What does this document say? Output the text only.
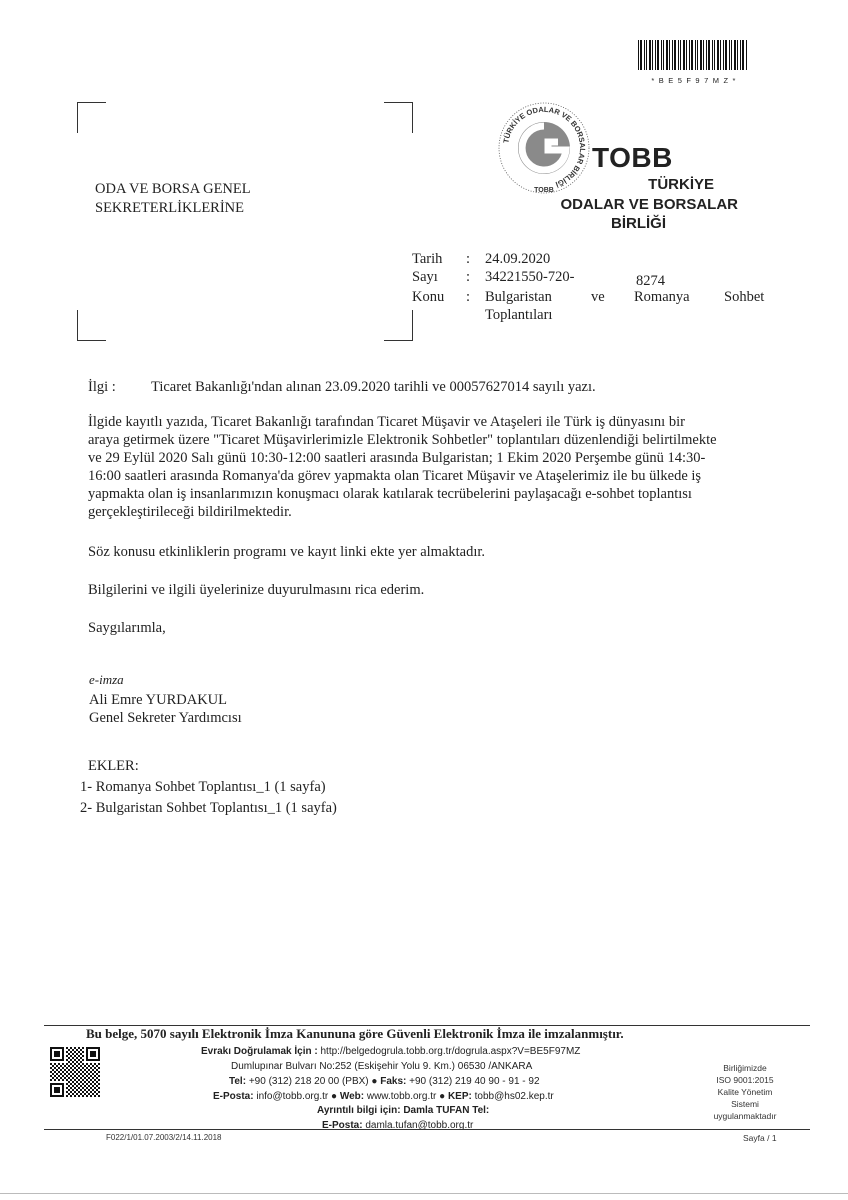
* B E 5 F 9 7 M Z *
TÜRKİYE ODALAR VE BORSALAR BİRLİĞİ
TOBB
TOBB
TÜRKİYE
ODALAR VE BORSALAR
BİRLİĞİ
ODA VE BORSA GENEL
SEKRETERLİKLERİNE
Tarih : 24.09.2020
Sayı : 34221550-720-	8274
Konu : Bulgaristan	ve Romanya Sohbet
Toplantıları
İlgi : Ticaret Bakanlığı'ndan alınan 23.09.2020 tarihli ve 00057627014 sayılı yazı.
İlgide kayıtlı yazıda, Ticaret Bakanlığı tarafından Ticaret Müşavir ve Ataşeleri ile Türk iş dünyasını bir
araya getirmek üzere "Ticaret Müşavirlerimizle Elektronik Sohbetler" toplantıları düzenlendiği belirtilmekte
ve 29 Eylül 2020 Salı günü 10:30-12:00 saatleri arasında Bulgaristan; 1 Ekim 2020 Perşembe günü 14:30-
16:00 saatleri arasında Romanya'da görev yapmakta olan Ticaret Müşavir ve Ataşelerimiz ile bu ülkede iş
yapmakta olan iş insanlarımızın konuşmacı olarak katılarak tecrübelerini paylaşacağı e-sohbet toplantısı
gerçekleştirileceği bildirilmektedir.
Söz konusu etkinliklerin programı ve kayıt linki ekte yer almaktadır.
Bilgilerini ve ilgili üyelerinize duyurulmasını rica ederim.
Saygılarımla,
e-imza
Ali Emre YURDAKUL
Genel Sekreter Yardımcısı
EKLER:
1- Romanya Sohbet Toplantısı_1 (1 sayfa)
2- Bulgaristan Sohbet Toplantısı_1 (1 sayfa)
Bu belge, 5070 sayılı Elektronik İmza Kanununa göre Güvenli Elektronik İmza ile imzalanmıştır.
Evrakı Doğrulamak İçin : http://belgedogrula.tobb.org.tr/dogrula.aspx?V=BE5F97MZ
Dumlupınar Bulvarı No:252 (Eskişehir Yolu 9. Km.) 06530 /ANKARA
Tel: +90 (312) 218 20 00 (PBX) ● Faks: +90 (312) 219 40 90 - 91 - 92
E-Posta: info@tobb.org.tr ● Web: www.tobb.org.tr ● KEP: tobb@hs02.kep.tr
Ayrıntılı bilgi için: Damla TUFAN Tel:
E-Posta: damla.tufan@tobb.org.tr
Birliğimizde
ISO 9001:2015
Kalite Yönetim
Sistemi
uygulanmaktadır
F022/1/01.07.2003/2/14.11.2018	Sayfa / 1
